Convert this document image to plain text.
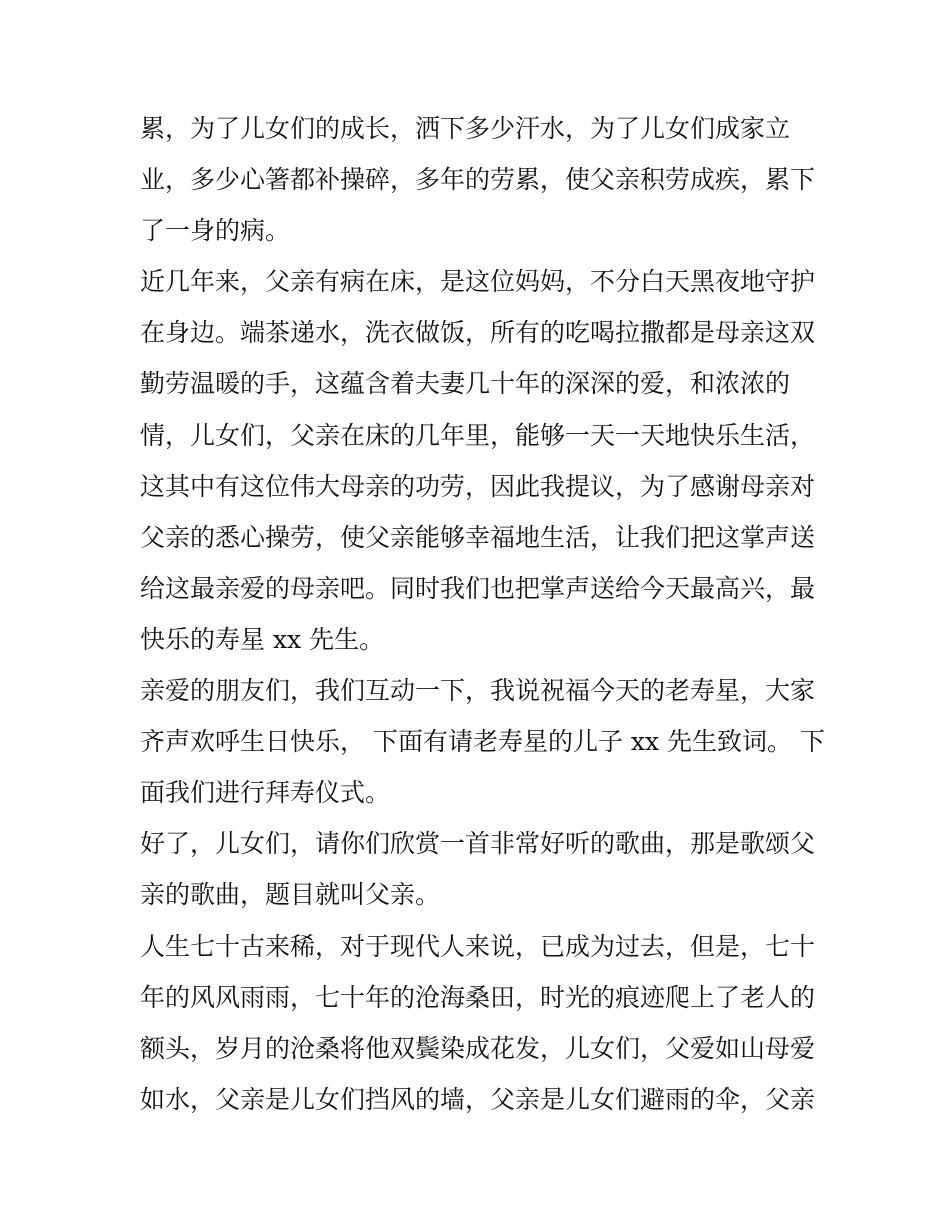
累，为了儿女们的成长，洒下多少汗水，为了儿女们成家立
业，多少心箸都补操碎，多年的劳累，使父亲积劳成疾，累下
了一身的病。
近几年来，父亲有病在床，是这位妈妈，不分白天黑夜地守护
在身边。端茶递水，洗衣做饭，所有的吃喝拉撒都是母亲这双
勤劳温暖的手，这蕴含着夫妻几十年的深深的爱，和浓浓的
情，儿女们，父亲在床的几年里，能够一天一天地快乐生活，
这其中有这位伟大母亲的功劳，因此我提议，为了感谢母亲对
父亲的悉心操劳，使父亲能够幸福地生活，让我们把这掌声送
给这最亲爱的母亲吧。同时我们也把掌声送给今天最高兴，最
快乐的寿星 xx 先生。
亲爱的朋友们，我们互动一下，我说祝福今天的老寿星，大家
齐声欢呼生日快乐， 下面有请老寿星的儿子 xx 先生致词。 下
面我们进行拜寿仪式。
好了，儿女们，请你们欣赏一首非常好听的歌曲，那是歌颂父
亲的歌曲，题目就叫父亲。
人生七十古来稀，对于现代人来说，已成为过去，但是，七十
年的风风雨雨，七十年的沧海桑田，时光的痕迹爬上了老人的
额头，岁月的沧桑将他双鬓染成花发，儿女们，父爱如山母爱
如水，父亲是儿女们挡风的墙，父亲是儿女们避雨的伞，父亲
